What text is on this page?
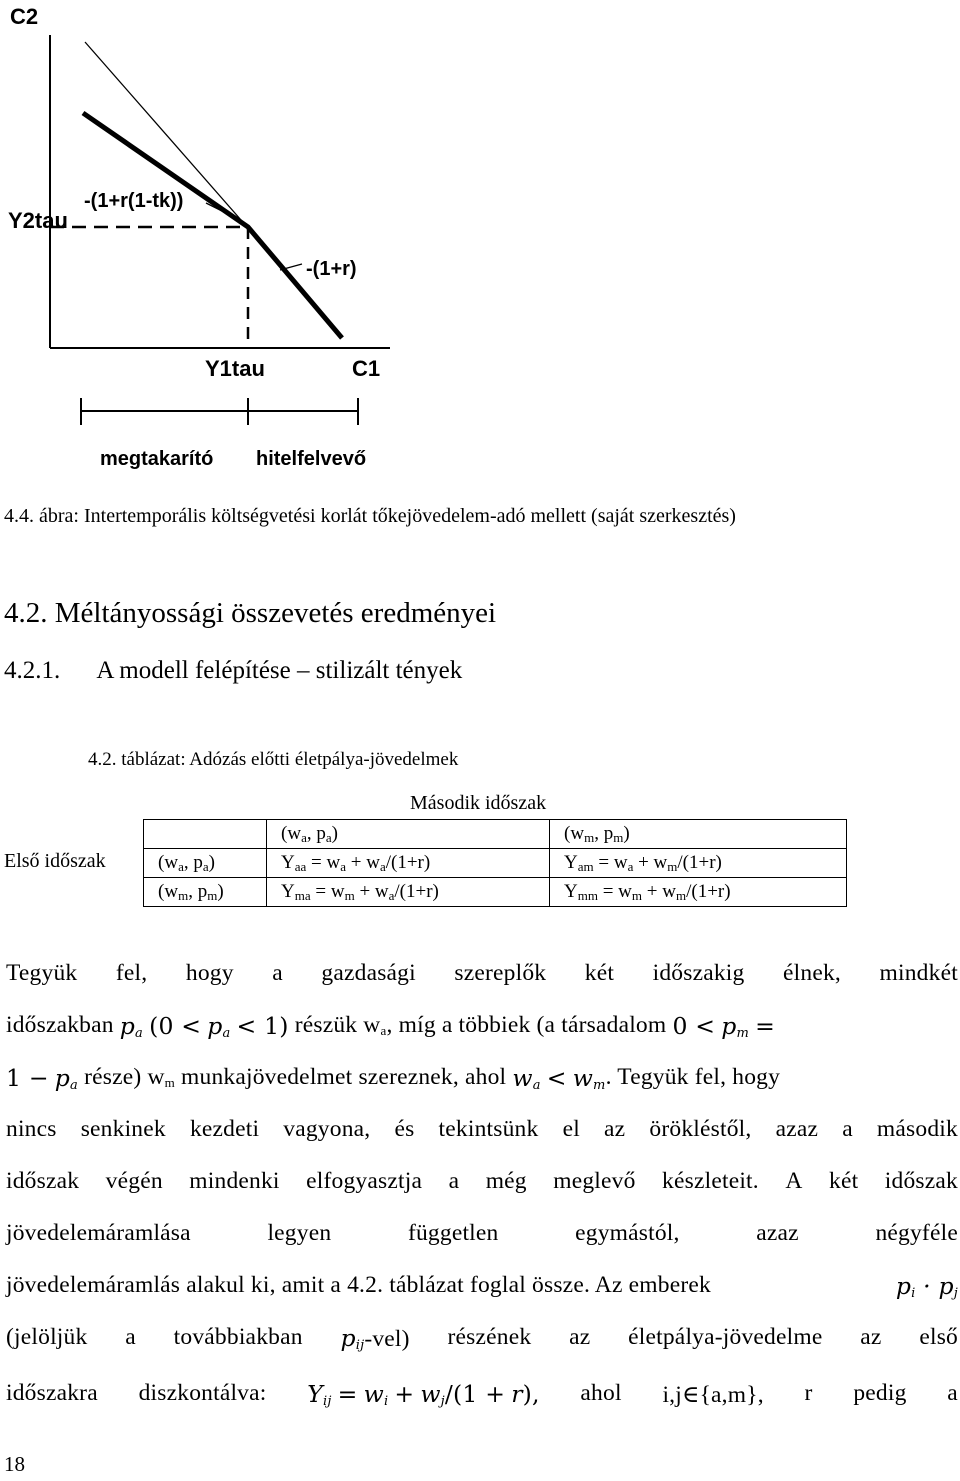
C2
C1
Y2tau
Y1tau
-(1+r(1-tk))
-(1+r)
megtakarító hitelfelvevő
4.4. ábra: Intertemporális költségvetési korlát tőkejövedelem-adó mellett (saját szerkesztés)
4.2. Méltányossági összevetés eredményei
4.2.1.      A modell felépítése – stilizált tények
4.2. táblázat: Adózás előtti életpálya-jövedelmek
Második időszak
Első időszak
	($w_a$, $p_a$)	($w_m$, $p_m$)
($w_a$, $p_a$)	$Y_{aa} = w_a + w_a/(1+r)$	$Y_{am} = w_a + w_m/(1+r)$
($w_m$, $p_m$)	$Y_{ma} = w_m + w_a/(1+r)$	$Y_{mm} = w_m + w_m/(1+r)$
Tegyük fel, hogy a gazdasági szereplők két időszakig élnek, mindkét
időszakban
$p_a$
(0 <
$p_a$
< 1)
részük $w_a$, míg a többiek (a társadalom
0 <
$p_m$
=
1 −
$p_a$
része) $w_m$
munkajövedelmet szereznek, ahol
$w_a$
<
$w_m$ . Tegyük fel, hogy
nincs senkinek kezdeti vagyona, és tekintsünk el az örökléstől, azaz a második
időszak végén mindenki elfogyasztja a még meglevő készleteit. A két időszak
jövedelemáramlása	legyen	független	egymástól,	azaz	négyféle
jövedelemáramlás alakul ki, amit a 4.2. táblázat foglal össze. Az emberek	$p_i \cdot p_j$
(jelöljük a továbbiakban $p_{ij}-vel$) részének az életpálya-jövedelme az első
időszakra diszkontálva: $Y_{ij} = w_i + w_j/(1 + r)$, ahol i,j∈{a,m}, r pedig a
18
